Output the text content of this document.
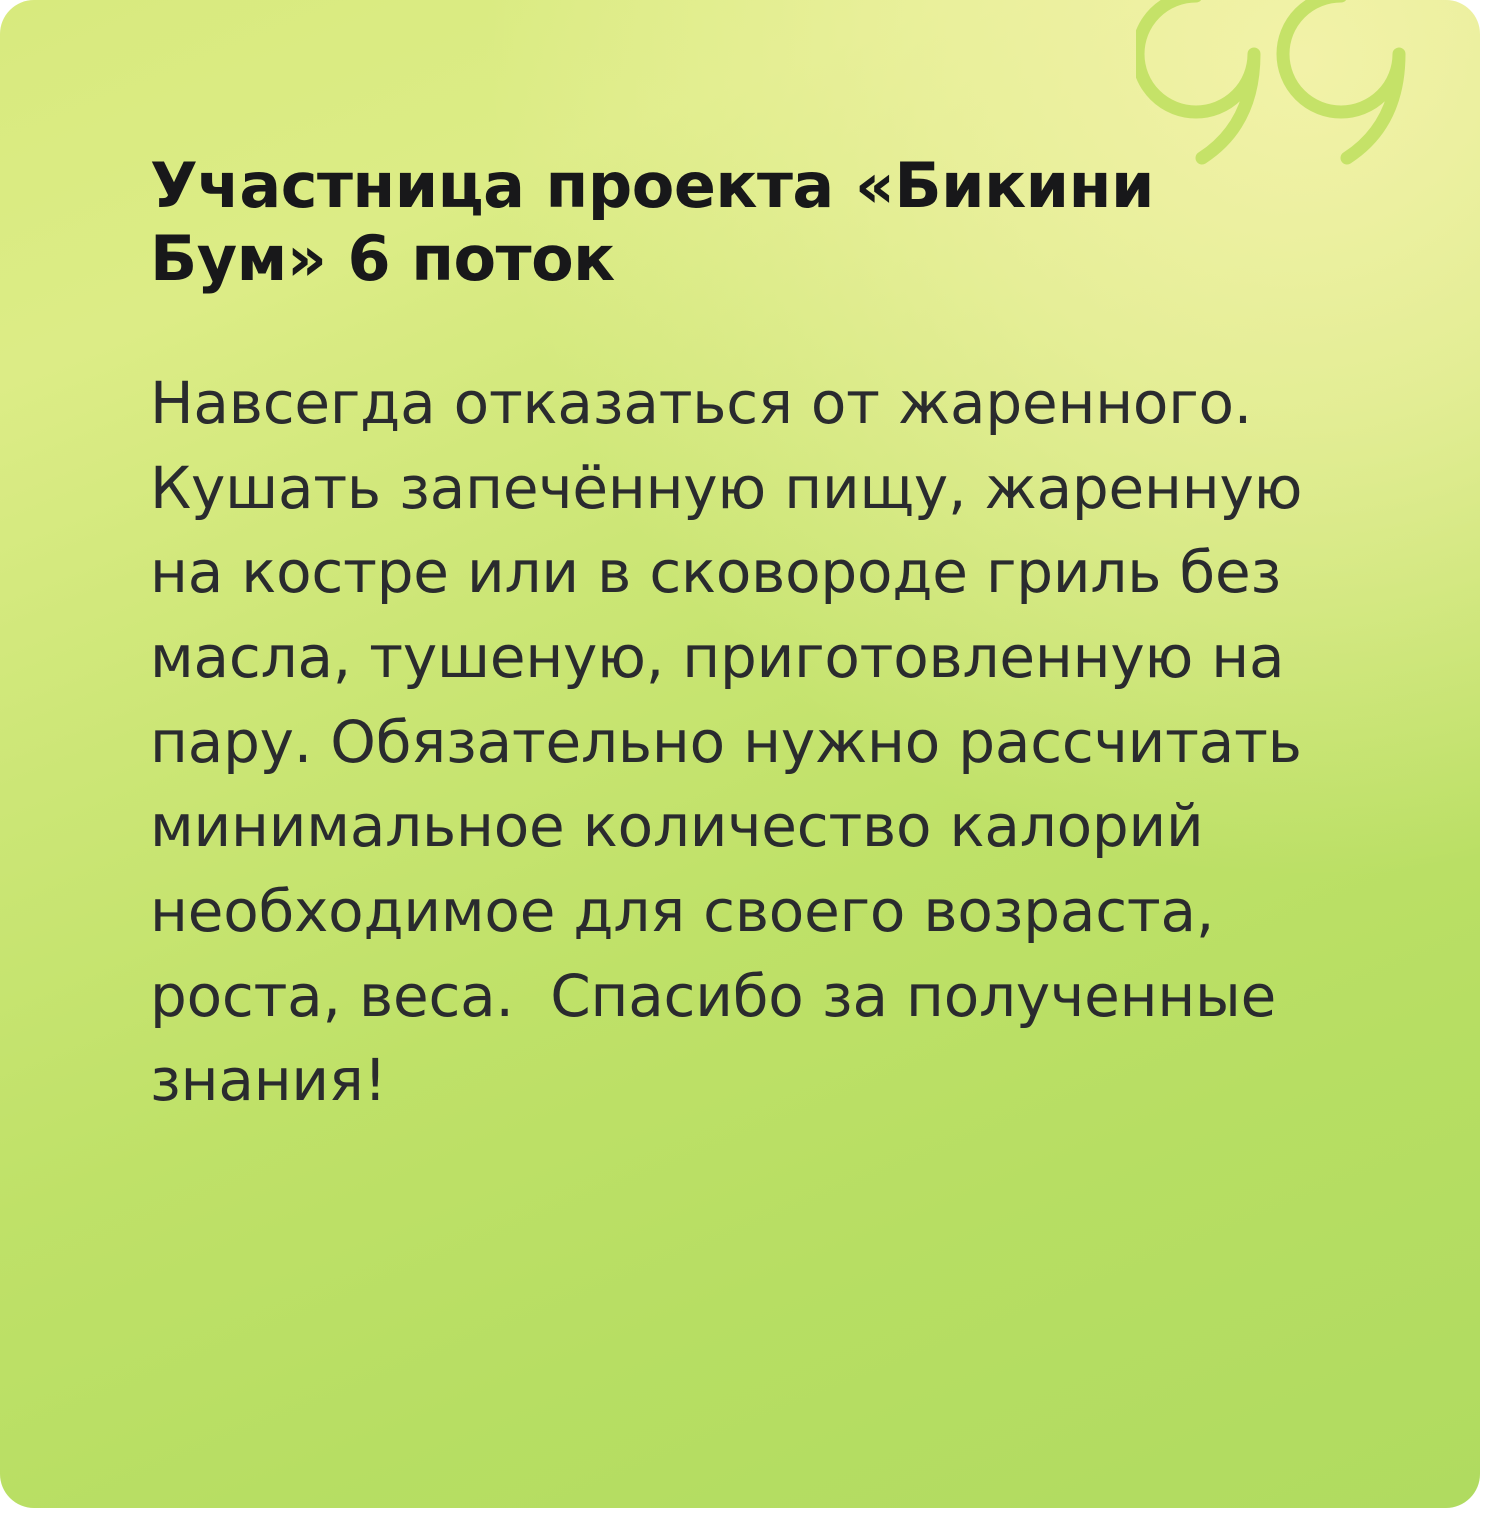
Участница проекта «Бикини Бум» 6 поток

Навсегда отказаться от жаренного. Кушать запечённую пищу, жаренную на костре или в сковороде гриль без масла, тушеную, приготовленную на пару. Обязательно нужно рассчитать минимальное количество калорий необходимое для своего возраста, роста, веса.  Спасибо за полученные знания!
